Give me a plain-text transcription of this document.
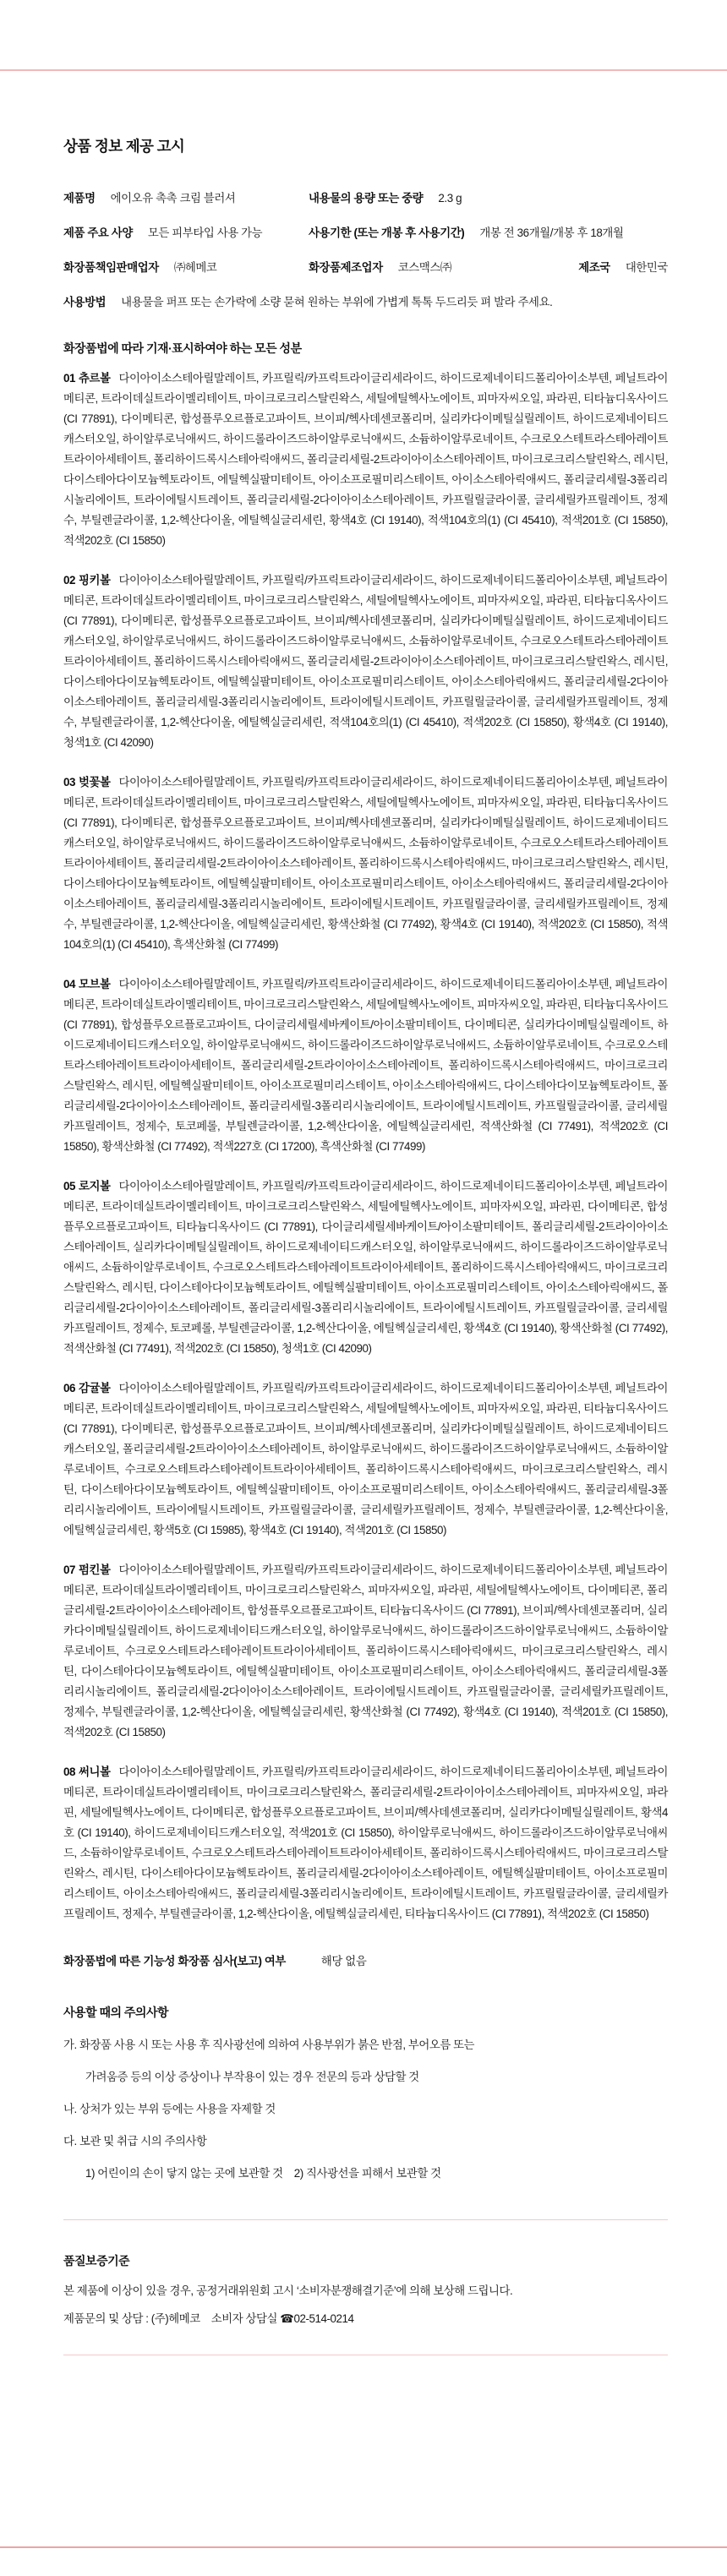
상품 정보 제공 고시
제품명 에이오유 촉촉 크림 블러셔	내용물의 용량 또는 중량 2.3 g
제품 주요 사양 모든 피부타입 사용 가능	사용기한 (또는 개봉 후 사용기간) 개봉 전 36개월/개봉 후 18개월
화장품책임판매업자 ㈜헤메코	화장품제조업자 코스맥스㈜	제조국 대한민국
사용방법 내용물을 퍼프 또는 손가락에 소량 묻혀 원하는 부위에 가볍게 톡톡 두드리듯 펴 발라 주세요.
화장품법에 따라 기재·표시하여야 하는 모든 성분

01 츄르볼 다이아이소스테아릴말레이트, 카프릴릭/카프릭트라이글리세라이드, 하이드로제네이티드폴리아이소부텐, 페닐트라이메티콘, 트라이데실트라이멜리테이트, 마이크로크리스탈린왁스, 세틸에틸헥사노에이트, 피마자씨오일, 파라핀, 티타늄디옥사이드 (CI 77891), 다이메티콘, 합성플루오르플로고파이트, 브이피/헥사데센코폴리머, 실리카다이메틸실릴레이트, 하이드로제네이티드캐스터오일, 하이알루로닉애씨드, 하이드롤라이즈드하이알루로닉애씨드, 소듐하이알루로네이트, 수크로오스테트라스테아레이트트라이아세테이트, 폴리하이드록시스테아릭애씨드, 폴리글리세릴-2트라이아이소스테아레이트, 마이크로크리스탈린왁스, 레시틴, 다이스테아다이모늄헥토라이트, 에틸헥실팔미테이트, 아이소프로필미리스테이트, 아이소스테아릭애씨드, 폴리글리세릴-3폴리리시놀리에이트, 트라이에틸시트레이트, 폴리글리세릴-2다이아이소스테아레이트, 카프릴릴글라이콜, 글리세릴카프릴레이트, 정제수, 부틸렌글라이콜, 1,2-헥산다이올, 에틸헥실글리세린, 황색4호 (CI 19140), 적색104호의(1) (CI 45410), 적색201호 (CI 15850), 적색202호 (CI 15850)

02 핑키볼 다이아이소스테아릴말레이트, 카프릴릭/카프릭트라이글리세라이드, 하이드로제네이티드폴리아이소부텐, 페닐트라이메티콘, 트라이데실트라이멜리테이트, 마이크로크리스탈린왁스, 세틸에틸헥사노에이트, 피마자씨오일, 파라핀, 티타늄디옥사이드 (CI 77891), 다이메티콘, 합성플루오르플로고파이트, 브이피/헥사데센코폴리머, 실리카다이메틸실릴레이트, 하이드로제네이티드캐스터오일, 하이알루로닉애씨드, 하이드롤라이즈드하이알루로닉애씨드, 소듐하이알루로네이트, 수크로오스테트라스테아레이트트라이아세테이트, 폴리하이드록시스테아릭애씨드, 폴리글리세릴-2트라이아이소스테아레이트, 마이크로크리스탈린왁스, 레시틴, 다이스테아다이모늄헥토라이트, 에틸헥실팔미테이트, 아이소프로필미리스테이트, 아이소스테아릭애씨드, 폴리글리세릴-2다이아이소스테아레이트, 폴리글리세릴-3폴리리시놀리에이트, 트라이에틸시트레이트, 카프릴릴글라이콜, 글리세릴카프릴레이트, 정제수, 부틸렌글라이콜, 1,2-헥산다이올, 에틸헥실글리세린, 적색104호의(1) (CI 45410), 적색202호 (CI 15850), 황색4호 (CI 19140), 청색1호 (CI 42090)

03 벚꽃볼 다이아이소스테아릴말레이트, 카프릴릭/카프릭트라이글리세라이드, 하이드로제네이티드폴리아이소부텐, 페닐트라이메티콘, 트라이데실트라이멜리테이트, 마이크로크리스탈린왁스, 세틸에틸헥사노에이트, 피마자씨오일, 파라핀, 티타늄디옥사이드 (CI 77891), 다이메티콘, 합성플루오르플로고파이트, 브이피/헥사데센코폴리머, 실리카다이메틸실릴레이트, 하이드로제네이티드캐스터오일, 하이알루로닉애씨드, 하이드롤라이즈드하이알루로닉애씨드, 소듐하이알루로네이트, 수크로오스테트라스테아레이트트라이아세테이트, 폴리글리세릴-2트라이아이소스테아레이트, 폴리하이드록시스테아릭애씨드, 마이크로크리스탈린왁스, 레시틴, 다이스테아다이모늄헥토라이트, 에틸헥실팔미테이트, 아이소프로필미리스테이트, 아이소스테아릭애씨드, 폴리글리세릴-2다이아이소스테아레이트, 폴리글리세릴-3폴리리시놀리에이트, 트라이에틸시트레이트, 카프릴릴글라이콜, 글리세릴카프릴레이트, 정제수, 부틸렌글라이콜, 1,2-헥산다이올, 에틸헥실글리세린, 황색산화철 (CI 77492), 황색4호 (CI 19140), 적색202호 (CI 15850), 적색104호의(1) (CI 45410), 흑색산화철 (CI 77499)

04 모브볼 다이아이소스테아릴말레이트, 카프릴릭/카프릭트라이글리세라이드, 하이드로제네이티드폴리아이소부텐, 페닐트라이메티콘, 트라이데실트라이멜리테이트, 마이크로크리스탈린왁스, 세틸에틸헥사노에이트, 피마자씨오일, 파라핀, 티타늄디옥사이드 (CI 77891), 합성플루오르플로고파이트, 다이글리세릴세바케이트/아이소팔미테이트, 다이메티콘, 실리카다이메틸실릴레이트, 하이드로제네이티드캐스터오일, 하이알루로닉애씨드, 하이드롤라이즈드하이알루로닉애씨드, 소듐하이알루로네이트, 수크로오스테트라스테아레이트트라이아세테이트, 폴리글리세릴-2트라이아이소스테아레이트, 폴리하이드록시스테아릭애씨드, 마이크로크리스탈린왁스, 레시틴, 에틸헥실팔미테이트, 아이소프로필미리스테이트, 아이소스테아릭애씨드, 다이스테아다이모늄헥토라이트, 폴리글리세릴-2다이아이소스테아레이트, 폴리글리세릴-3폴리리시놀리에이트, 트라이에틸시트레이트, 카프릴릴글라이콜, 글리세릴카프릴레이트, 정제수, 토코페롤, 부틸렌글라이콜, 1,2-헥산다이올, 에틸헥실글리세린, 적색산화철 (CI 77491), 적색202호 (CI 15850), 황색산화철 (CI 77492), 적색227호 (CI 17200), 흑색산화철 (CI 77499)

05 로지볼 다이아이소스테아릴말레이트, 카프릴릭/카프릭트라이글리세라이드, 하이드로제네이티드폴리아이소부텐, 페닐트라이메티콘, 트라이데실트라이멜리테이트, 마이크로크리스탈린왁스, 세틸에틸헥사노에이트, 피마자씨오일, 파라핀, 다이메티콘, 합성플루오르플로고파이트, 티타늄디옥사이드 (CI 77891), 다이글리세릴세바케이트/아이소팔미테이트, 폴리글리세릴-2트라이아이소스테아레이트, 실리카다이메틸실릴레이트, 하이드로제네이티드캐스터오일, 하이알루로닉애씨드, 하이드롤라이즈드하이알루로닉애씨드, 소듐하이알루로네이트, 수크로오스테트라스테아레이트트라이아세테이트, 폴리하이드록시스테아릭애씨드, 마이크로크리스탈린왁스, 레시틴, 다이스테아다이모늄헥토라이트, 에틸헥실팔미테이트, 아이소프로필미리스테이트, 아이소스테아릭애씨드, 폴리글리세릴-2다이아이소스테아레이트, 폴리글리세릴-3폴리리시놀리에이트, 트라이에틸시트레이트, 카프릴릴글라이콜, 글리세릴카프릴레이트, 정제수, 토코페롤, 부틸렌글라이콜, 1,2-헥산다이올, 에틸헥실글리세린, 황색4호 (CI 19140), 황색산화철 (CI 77492), 적색산화철 (CI 77491), 적색202호 (CI 15850), 청색1호 (CI 42090)

06 감귤볼 다이아이소스테아릴말레이트, 카프릴릭/카프릭트라이글리세라이드, 하이드로제네이티드폴리아이소부텐, 페닐트라이메티콘, 트라이데실트라이멜리테이트, 마이크로크리스탈린왁스, 세틸에틸헥사노에이트, 피마자씨오일, 파라핀, 티타늄디옥사이드 (CI 77891), 다이메티콘, 합성플루오르플로고파이트, 브이피/헥사데센코폴리머, 실리카다이메틸실릴레이트, 하이드로제네이티드캐스터오일, 폴리글리세릴-2트라이아이소스테아레이트, 하이알루로닉애씨드, 하이드롤라이즈드하이알루로닉애씨드, 소듐하이알루로네이트, 수크로오스테트라스테아레이트트라이아세테이트, 폴리하이드록시스테아릭애씨드, 마이크로크리스탈린왁스, 레시틴, 다이스테아다이모늄헥토라이트, 에틸헥실팔미테이트, 아이소프로필미리스테이트, 아이소스테아릭애씨드, 폴리글리세릴-3폴리리시놀리에이트, 트라이에틸시트레이트, 카프릴릴글라이콜, 글리세릴카프릴레이트, 정제수, 부틸렌글라이콜, 1,2-헥산다이올, 에틸헥실글리세린, 황색5호 (CI 15985), 황색4호 (CI 19140), 적색201호 (CI 15850)

07 펌킨볼 다이아이소스테아릴말레이트, 카프릴릭/카프릭트라이글리세라이드, 하이드로제네이티드폴리아이소부텐, 페닐트라이메티콘, 트라이데실트라이멜리테이트, 마이크로크리스탈린왁스, 피마자씨오일, 파라핀, 세틸에틸헥사노에이트, 다이메티콘, 폴리글리세릴-2트라이아이소스테아레이트, 합성플루오르플로고파이트, 티타늄디옥사이드 (CI 77891), 브이피/헥사데센코폴리머, 실리카다이메틸실릴레이트, 하이드로제네이티드캐스터오일, 하이알루로닉애씨드, 하이드롤라이즈드하이알루로닉애씨드, 소듐하이알루로네이트, 수크로오스테트라스테아레이트트라이아세테이트, 폴리하이드록시스테아릭애씨드, 마이크로크리스탈린왁스, 레시틴, 다이스테아다이모늄헥토라이트, 에틸헥실팔미테이트, 아이소프로필미리스테이트, 아이소스테아릭애씨드, 폴리글리세릴-3폴리리시놀리에이트, 폴리글리세릴-2다이아이소스테아레이트, 트라이에틸시트레이트, 카프릴릴글라이콜, 글리세릴카프릴레이트, 정제수, 부틸렌글라이콜, 1,2-헥산다이올, 에틸헥실글리세린, 황색산화철 (CI 77492), 황색4호 (CI 19140), 적색201호 (CI 15850), 적색202호 (CI 15850)

08 써니볼 다이아이소스테아릴말레이트, 카프릴릭/카프릭트라이글리세라이드, 하이드로제네이티드폴리아이소부텐, 페닐트라이메티콘, 트라이데실트라이멜리테이트, 마이크로크리스탈린왁스, 폴리글리세릴-2트라이아이소스테아레이트, 피마자씨오일, 파라핀, 세틸에틸헥사노에이트, 다이메티콘, 합성플루오르플로고파이트, 브이피/헥사데센코폴리머, 실리카다이메틸실릴레이트, 황색4호 (CI 19140), 하이드로제네이티드캐스터오일, 적색201호 (CI 15850), 하이알루로닉애씨드, 하이드롤라이즈드하이알루로닉애씨드, 소듐하이알루로네이트, 수크로오스테트라스테아레이트트라이아세테이트, 폴리하이드록시스테아릭애씨드, 마이크로크리스탈린왁스, 레시틴, 다이스테아다이모늄헥토라이트, 폴리글리세릴-2다이아이소스테아레이트, 에틸헥실팔미테이트, 아이소프로필미리스테이트, 아이소스테아릭애씨드, 폴리글리세릴-3폴리리시놀리에이트, 트라이에틸시트레이트, 카프릴릴글라이콜, 글리세릴카프릴레이트, 정제수, 부틸렌글라이콜, 1,2-헥산다이올, 에틸헥실글리세린, 티타늄디옥사이드 (CI 77891), 적색202호 (CI 15850)

화장품법에 따른 기능성 화장품 심사(보고) 여부	해당 없음
사용할 때의 주의사항

가. 화장품 사용 시 또는 사용 후 직사광선에 의하여 사용부위가 붉은 반점, 부어오름 또는

가려움증 등의 이상 증상이나 부작용이 있는 경우 전문의 등과 상담할 것

나. 상처가 있는 부위 등에는 사용을 자제할 것

다. 보관 및 취급 시의 주의사항

1) 어린이의 손이 닿지 않는 곳에 보관할 것    2) 직사광선을 피해서 보관할 것

품질보증기준

본 제품에 이상이 있을 경우, 공정거래위원회 고시 ‘소비자분쟁해결기준’에 의해 보상해 드립니다.

제품문의 및 상담 : (주)헤메코    소비자 상담실 ☎02-514-0214
